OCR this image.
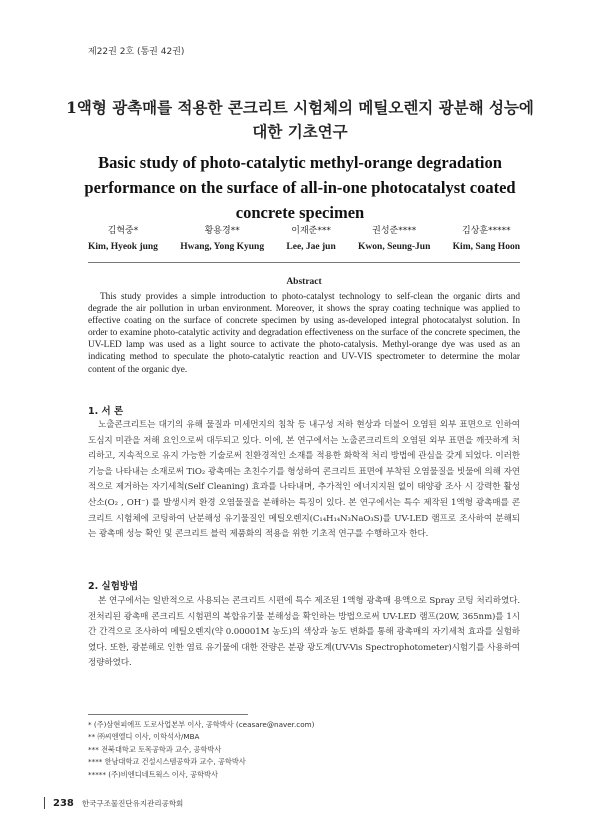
제22권 2호 (통권 42권)
1액형 광촉매를 적용한 콘크리트 시험체의 메틸오렌지 광분해 성능에 대한 기초연구
Basic study of photo-catalytic methyl-orange degradation performance on the surface of all-in-one photocatalyst coated concrete specimen
김혁중*
Kim, Hyeok jung
황용경**
Hwang, Yong Kyung
이재준***
Lee, Jae jun
권성준****
Kwon, Seung-Jun
김상훈*****
Kim, Sang Hoon
Abstract
This study provides a simple introduction to photo-catalyst technology to self-clean the organic dirts and degrade the air pollution in urban environment. Moreover, it shows the spray coating technique was applied to effective coating on the surface of concrete specimen by using as-developed integral photocatalyst solution. In order to examine photo-catalytic activity and degradation effectiveness on the surface of the concrete specimen, the UV-LED lamp was used as a light source to activate the photo-catalysis. Methyl-orange dye was used as an indicating method to speculate the photo-catalytic reaction and UV-VIS spectrometer to determine the molar content of the organic dye.
1. 서 론
노출콘크리트는 대기의 유해 물질과 미세먼지의 침착 등 내구성 저하 현상과 더불어 오염된 외부 표면으로 인하여 도심지 미관을 저해 요인으로써 대두되고 있다. 이에, 본 연구에서는 노출콘크리트의 오염된 외부 표면을 깨끗하게 처리하고, 지속적으로 유지 가능한 기술로써 친환경적인 소재를 적용한 화학적 처리 방법에 관심을 갖게 되었다. 이러한 기능을 나타내는 소재로써 TiO₂ 광촉매는 초친수기를 형성하여 콘크리트 표면에 부착된 오염물질을 빗물에 의해 자연적으로 제거하는 자기세척(Self Cleaning) 효과를 나타내며, 추가적인 에너지지원 없이 태양광 조사 시 강력한 활성산소(O₂ , OH⁻) 를 발생시켜 환경 오염물질을 분해하는 특징이 있다. 본 연구에서는 특수 제작된 1액형 광촉매를 콘크리트 시험체에 코팅하여 난분해성 유기물질인 메틸오렌지(C₁₄H₁₄N₃NaO₃S)를 UV-LED 램프로 조사하여 분해되는 광촉매 성능 확인 및 콘크리트 블럭 제품화의 적용을 위한 기초적 연구를 수행하고자 한다.
2. 실험방법
본 연구에서는 일반적으로 사용되는 콘크리트 시편에 특수 제조된 1액형 광촉매 용액으로 Spray 코팅 처리하였다. 전처리된 광촉매 콘크리트 시험편의 복합유기물 분해성을 확인하는 방법으로써 UV-LED 램프(20W, 365nm)를 1시간 간격으로 조사하여 메틸오렌지(약 0.00001M 농도)의 색상과 농도 변화를 통해 광촉매의 자기세척 효과를 실험하였다. 또한, 광분해로 인한 염료 유기물에 대한 잔량은 분광 광도계(UV-Vis Spectrophotometer)시험기를 사용하여 정량하였다.
* (주)삼현피에프 도로사업본부 이사, 공학박사 (ceasare@naver.com)
** ㈜씨엔엘디 이사, 이학석사/MBA
*** 전북대학교 토목공학과 교수, 공학박사
**** 한남대학교 건설시스템공학과 교수, 공학박사
***** (주)비엔디네트웍스 이사, 공학박사
238 한국구조물진단유지관리공학회
